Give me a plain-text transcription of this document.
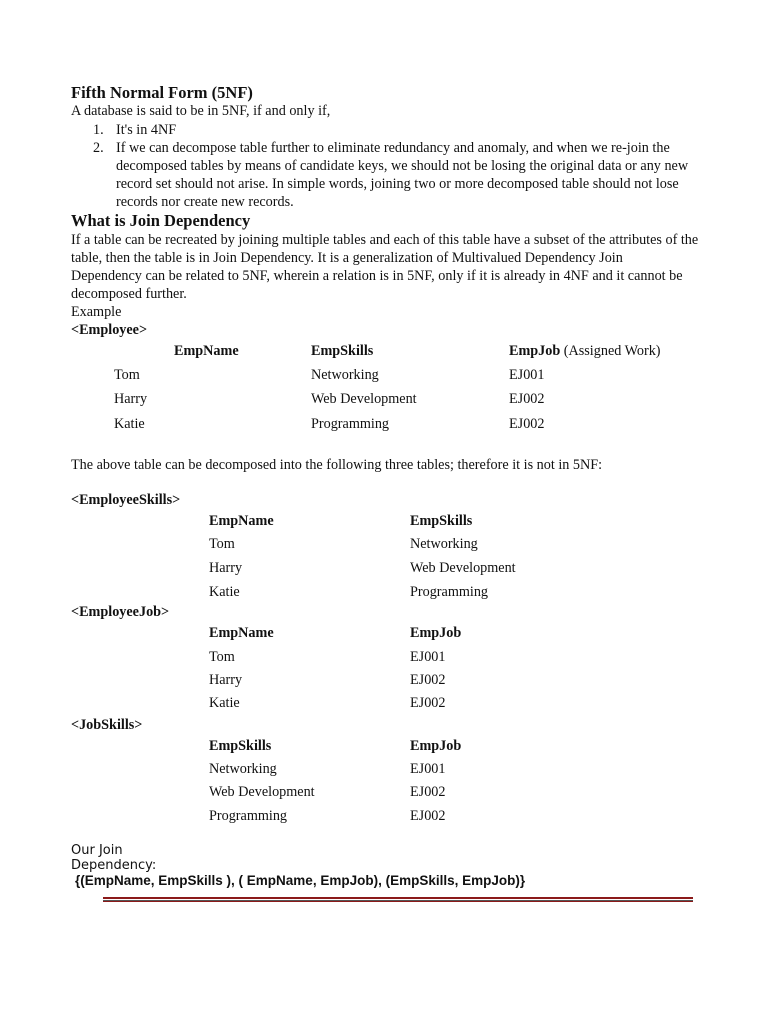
Fifth Normal Form (5NF)
A database is said to be in 5NF, if and only if,
1. It's in 4NF
2. If we can decompose table further to eliminate redundancy and anomaly, and when we re-join the
decomposed tables by means of candidate keys, we should not be losing the original data or any new
record set should not arise. In simple words, joining two or more decomposed table should not lose
records nor create new records.
What is Join Dependency
If a table can be recreated by joining multiple tables and each of this table have a subset of the attributes of the
table, then the table is in Join Dependency. It is a generalization of Multivalued Dependency Join
Dependency can be related to 5NF, wherein a relation is in 5NF, only if it is already in 4NF and it cannot be
decomposed further.
Example
<Employee>
EmpName	EmpSkills	EmpJob (Assigned Work)
Tom	Networking	EJ001
Harry	Web Development	EJ002
Katie	Programming	EJ002
The above table can be decomposed into the following three tables; therefore it is not in 5NF:
<EmployeeSkills>
EmpName	EmpSkills
Tom	Networking
Harry	Web Development
Katie	Programming
<EmployeeJob>
EmpName	EmpJob
Tom	EJ001
Harry	EJ002
Katie	EJ002
<JobSkills>
EmpSkills	EmpJob
Networking	EJ001
Web Development	EJ002
Programming	EJ002
Our Join
Dependency:
{(EmpName, EmpSkills ), ( EmpName, EmpJob), (EmpSkills, EmpJob)}
